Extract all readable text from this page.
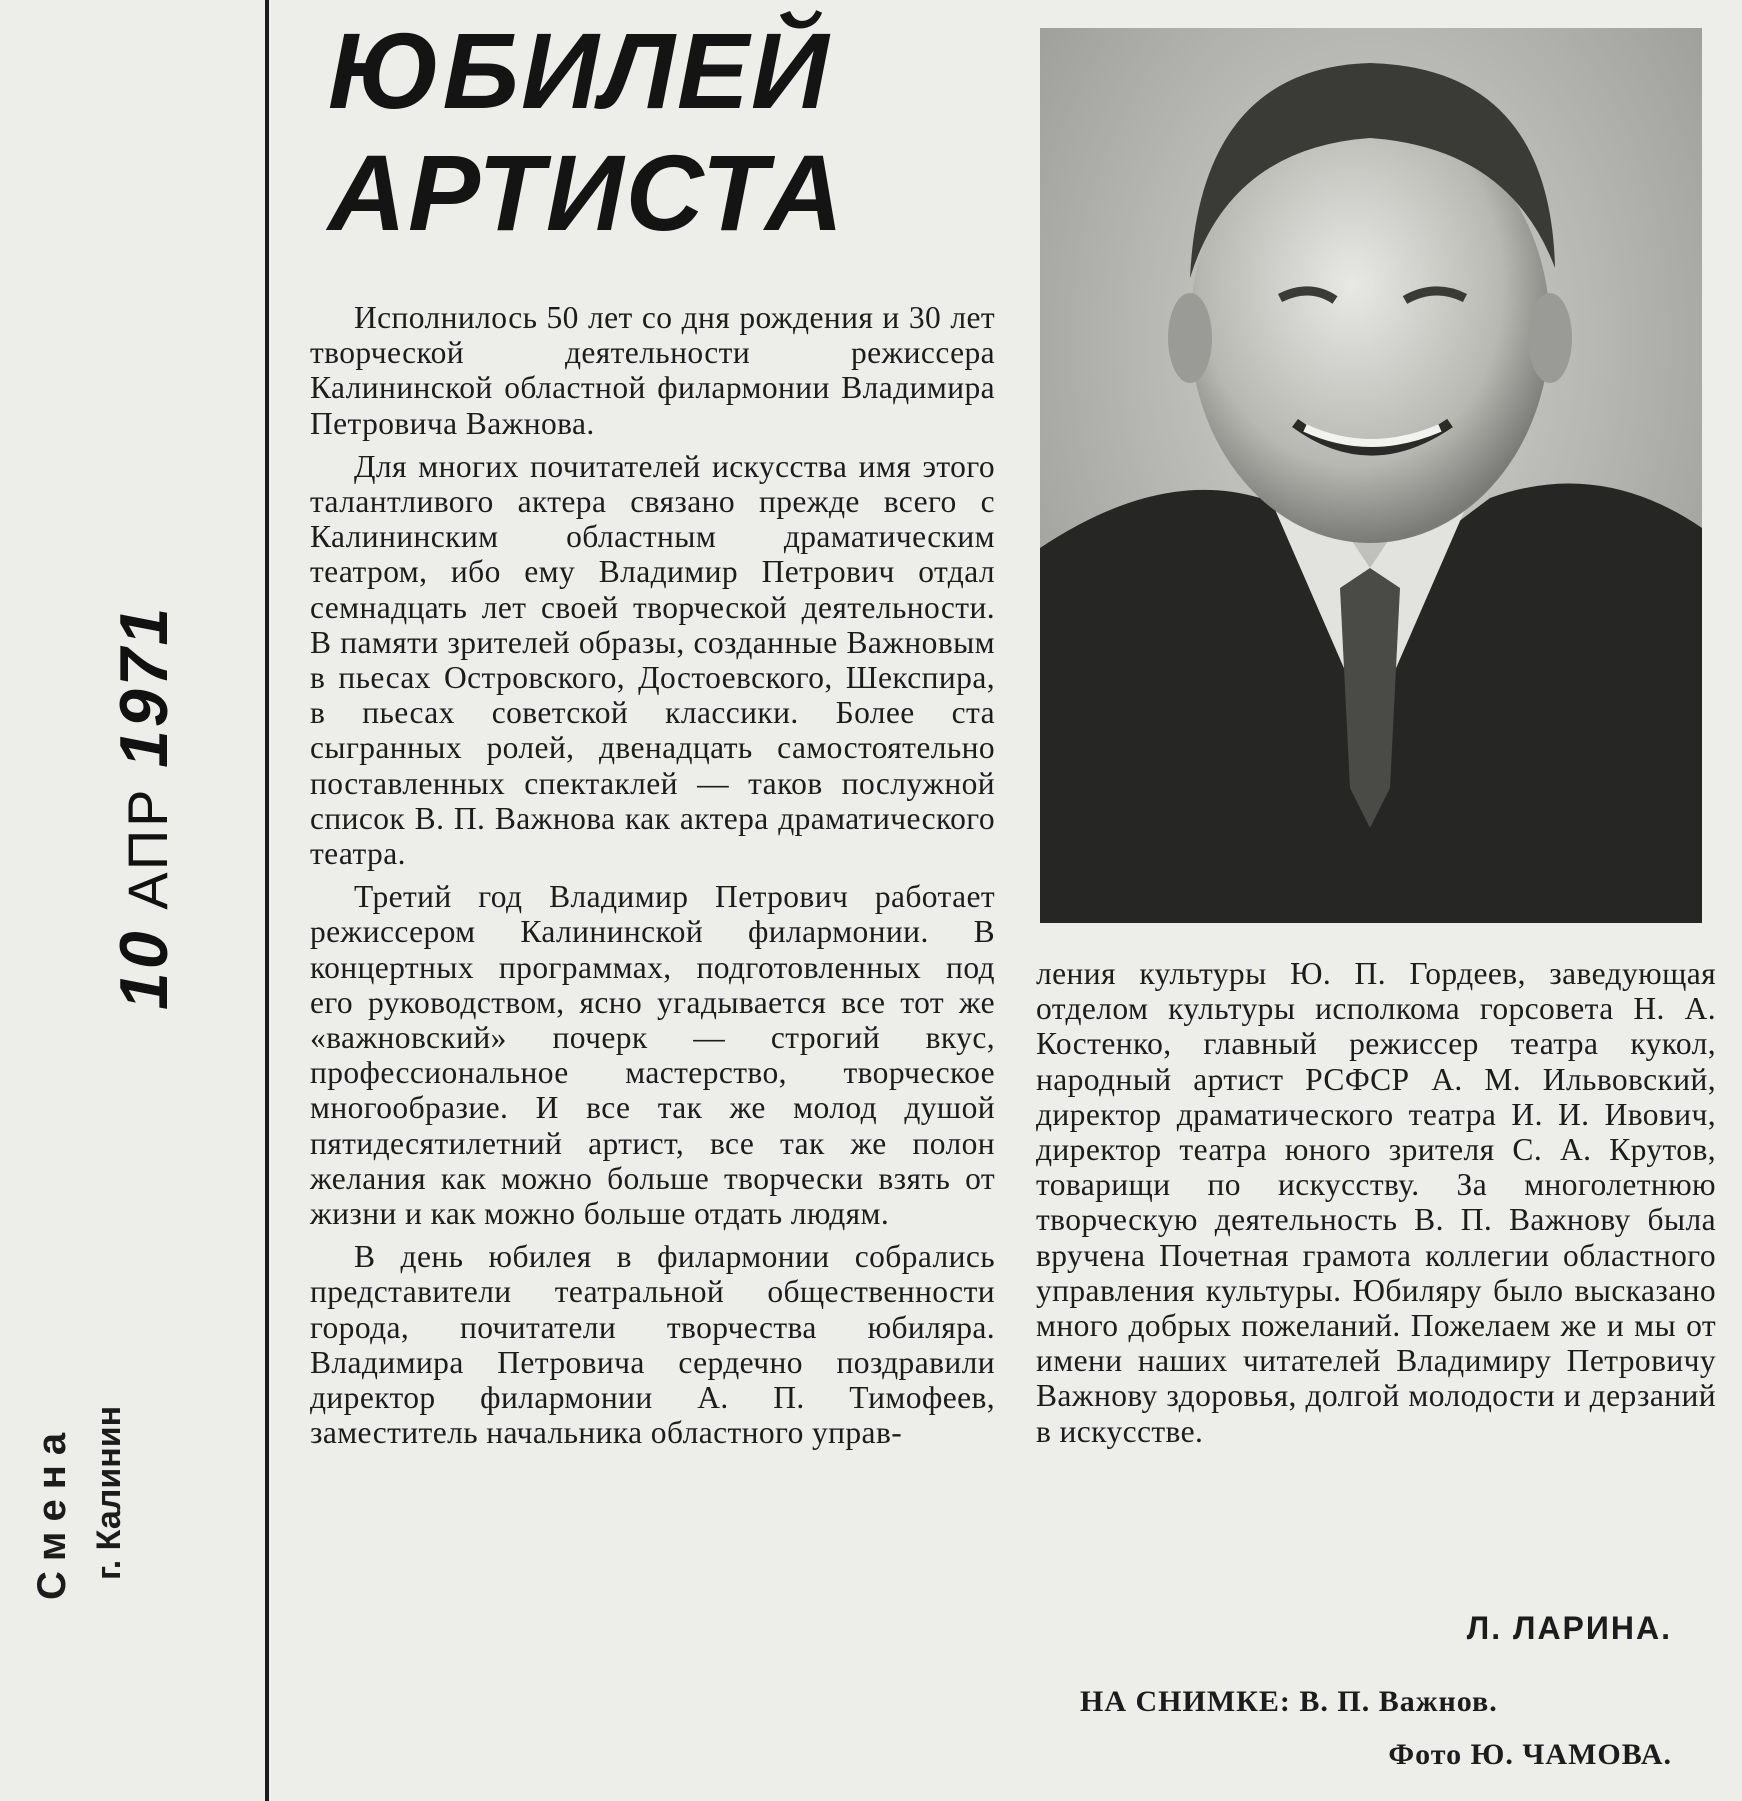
10 АПР 1971
Смена г. Калинин
ЮБИЛЕЙ
АРТИСТА

Исполнилось 50 лет со дня рождения и 30 лет творческой деятельности режиссера Калининской областной филармонии Владимира Петровича Важнова.

Для многих почитателей искусства имя этого талантливого актера связано прежде всего с Калининским областным драматическим театром, ибо ему Владимир Петрович отдал семнадцать лет своей творческой деятельности. В памяти зрителей образы, созданные Важновым в пьесах Островского, Достоевского, Шекспира, в пьесах советской классики. Более ста сыгранных ролей, двенадцать самостоятельно поставленных спектаклей — таков послужной список В. П. Важнова как актера драматического театра.

Третий год Владимир Петрович работает режиссером Калининской филармонии. В концертных программах, подготовленных под его руководством, ясно угадывается все тот же «важновский» почерк — строгий вкус, профессиональное мастерство, творческое многообразие. И все так же молод душой пятидесятилетний артист, все так же полон желания как можно больше творчески взять от жизни и как можно больше отдать людям.

В день юбилея в филармонии собрались представители театральной общественности города, почитатели творчества юбиляра. Владимира Петровича сердечно поздравили директор филармонии А. П. Тимофеев, заместитель начальника областного управ-

ления культуры Ю. П. Гордеев, заведующая отделом культуры исполкома горсовета Н. А. Костенко, главный режиссер театра кукол, народный артист РСФСР А. М. Ильвовский, директор драматического театра И. И. Ивович, директор театра юного зрителя С. А. Крутов, товарищи по искусству. За многолетнюю творческую деятельность В. П. Важнову была вручена Почетная грамота коллегии областного управления культуры. Юбиляру было высказано много добрых пожеланий. Пожелаем же и мы от имени наших читателей Владимиру Петровичу Важнову здоровья, долгой молодости и дерзаний в искусстве.

Л. ЛАРИНА.
НА СНИМКЕ: В. П. Важнов.
Фото Ю. ЧАМОВА.
